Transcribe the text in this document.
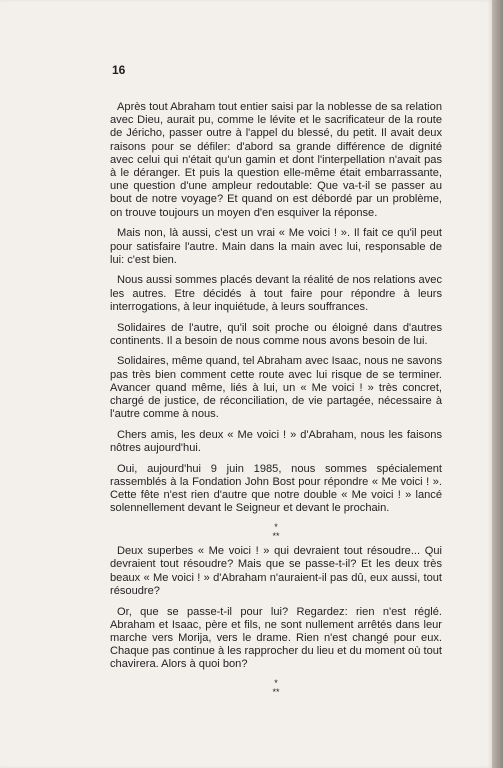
16

Après tout Abraham tout entier saisi par la noblesse de sa relation avec Dieu, aurait pu, comme le lévite et le sacrificateur de la route de Jéricho, passer outre à l'appel du blessé, du petit. Il avait deux raisons pour se défiler: d'abord sa grande différence de dignité avec celui qui n'était qu'un gamin et dont l'interpellation n'avait pas à le déranger. Et puis la question elle-même était embarrassante, une question d'une ampleur redoutable: Que va-t-il se passer au bout de notre voyage? Et quand on est débordé par un problème, on trouve toujours un moyen d'en esquiver la réponse.

Mais non, là aussi, c'est un vrai « Me voici ! ». Il fait ce qu'il peut pour satisfaire l'autre. Main dans la main avec lui, responsable de lui: c'est bien.

Nous aussi sommes placés devant la réalité de nos relations avec les autres. Etre décidés à tout faire pour répondre à leurs interrogations, à leur inquiétude, à leurs souffrances.

Solidaires de l'autre, qu'il soit proche ou éloigné dans d'autres continents. Il a besoin de nous comme nous avons besoin de lui.

Solidaires, même quand, tel Abraham avec Isaac, nous ne savons pas très bien comment cette route avec lui risque de se terminer. Avancer quand même, liés à lui, un « Me voici ! » très concret, chargé de justice, de réconciliation, de vie partagée, nécessaire à l'autre comme à nous.

Chers amis, les deux « Me voici ! » d'Abraham, nous les faisons nôtres aujourd'hui.

Oui, aujourd'hui 9 juin 1985, nous sommes spécialement rassemblés à la Fondation John Bost pour répondre « Me voici ! ». Cette fête n'est rien d'autre que notre double « Me voici ! » lancé solennellement devant le Seigneur et devant le prochain.

*
**

Deux superbes « Me voici ! » qui devraient tout résoudre... Qui devraient tout résoudre? Mais que se passe-t-il? Et les deux très beaux « Me voici ! » d'Abraham n'auraient-il pas dû, eux aussi, tout résoudre?

Or, que se passe-t-il pour lui? Regardez: rien n'est réglé. Abraham et Isaac, père et fils, ne sont nullement arrêtés dans leur marche vers Morija, vers le drame. Rien n'est changé pour eux. Chaque pas continue à les rapprocher du lieu et du moment où tout chavirera. Alors à quoi bon?

*
**
